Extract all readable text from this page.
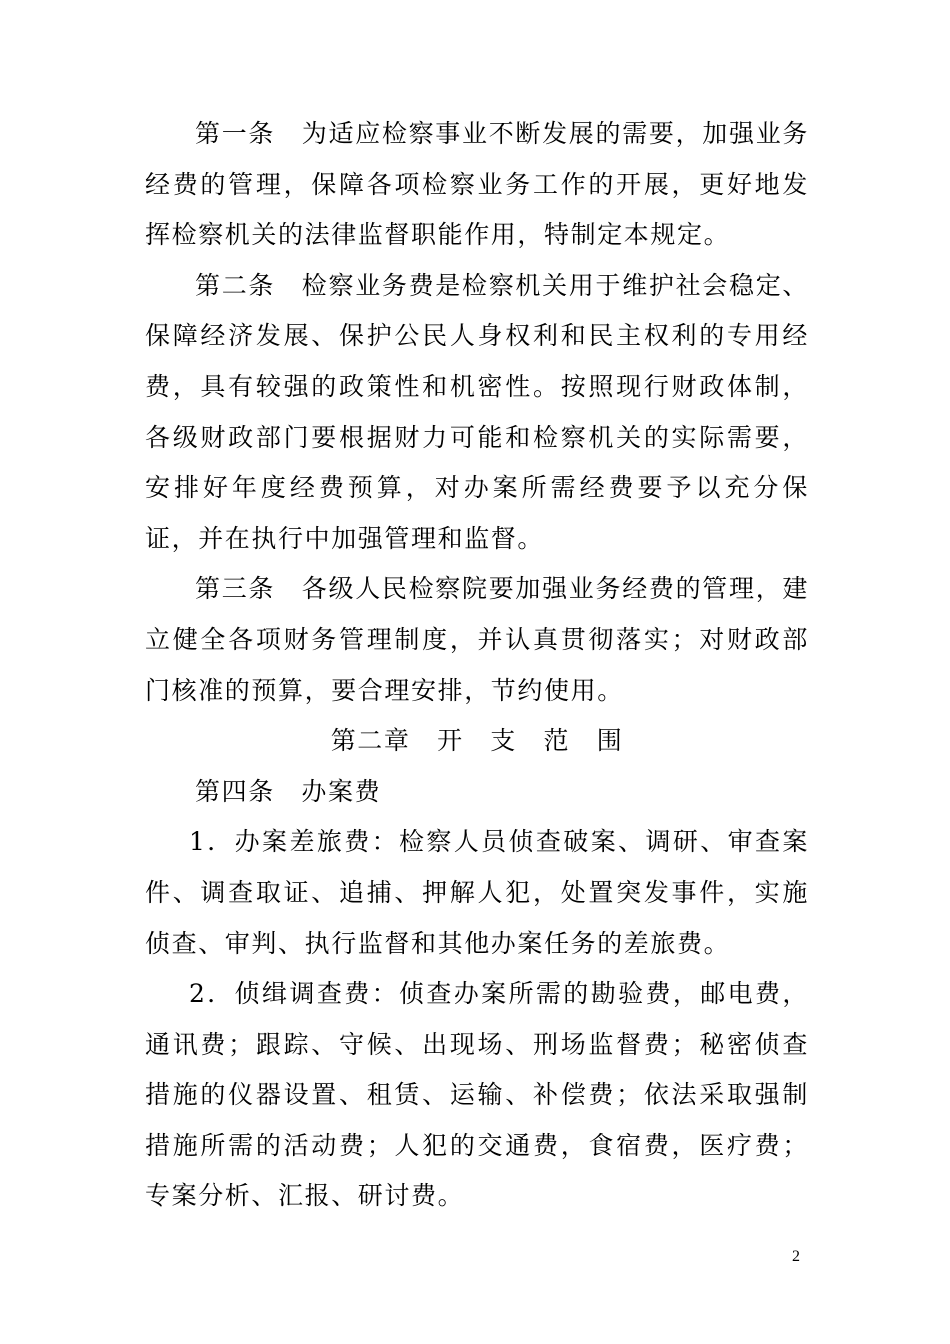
第一条　为适应检察事业不断发展的需要，加强业务经费的管理，保障各项检察业务工作的开展，更好地发挥检察机关的法律监督职能作用，特制定本规定。

第二条　检察业务费是检察机关用于维护社会稳定、保障经济发展、保护公民人身权利和民主权利的专用经费，具有较强的政策性和机密性。按照现行财政体制，各级财政部门要根据财力可能和检察机关的实际需要，安排好年度经费预算，对办案所需经费要予以充分保证，并在执行中加强管理和监督。

第三条　各级人民检察院要加强业务经费的管理，建立健全各项财务管理制度，并认真贯彻落实；对财政部门核准的预算，要合理安排，节约使用。

第二章　开　支　范　围

第四条　办案费

1．办案差旅费：检察人员侦查破案、调研、审查案件、调查取证、追捕、押解人犯，处置突发事件，实施侦查、审判、执行监督和其他办案任务的差旅费。

2．侦缉调查费：侦查办案所需的勘验费，邮电费，通讯费；跟踪、守候、出现场、刑场监督费；秘密侦查措施的仪器设置、租赁、运输、补偿费；依法采取强制措施所需的活动费；人犯的交通费，食宿费，医疗费；专案分析、汇报、研讨费。

2
